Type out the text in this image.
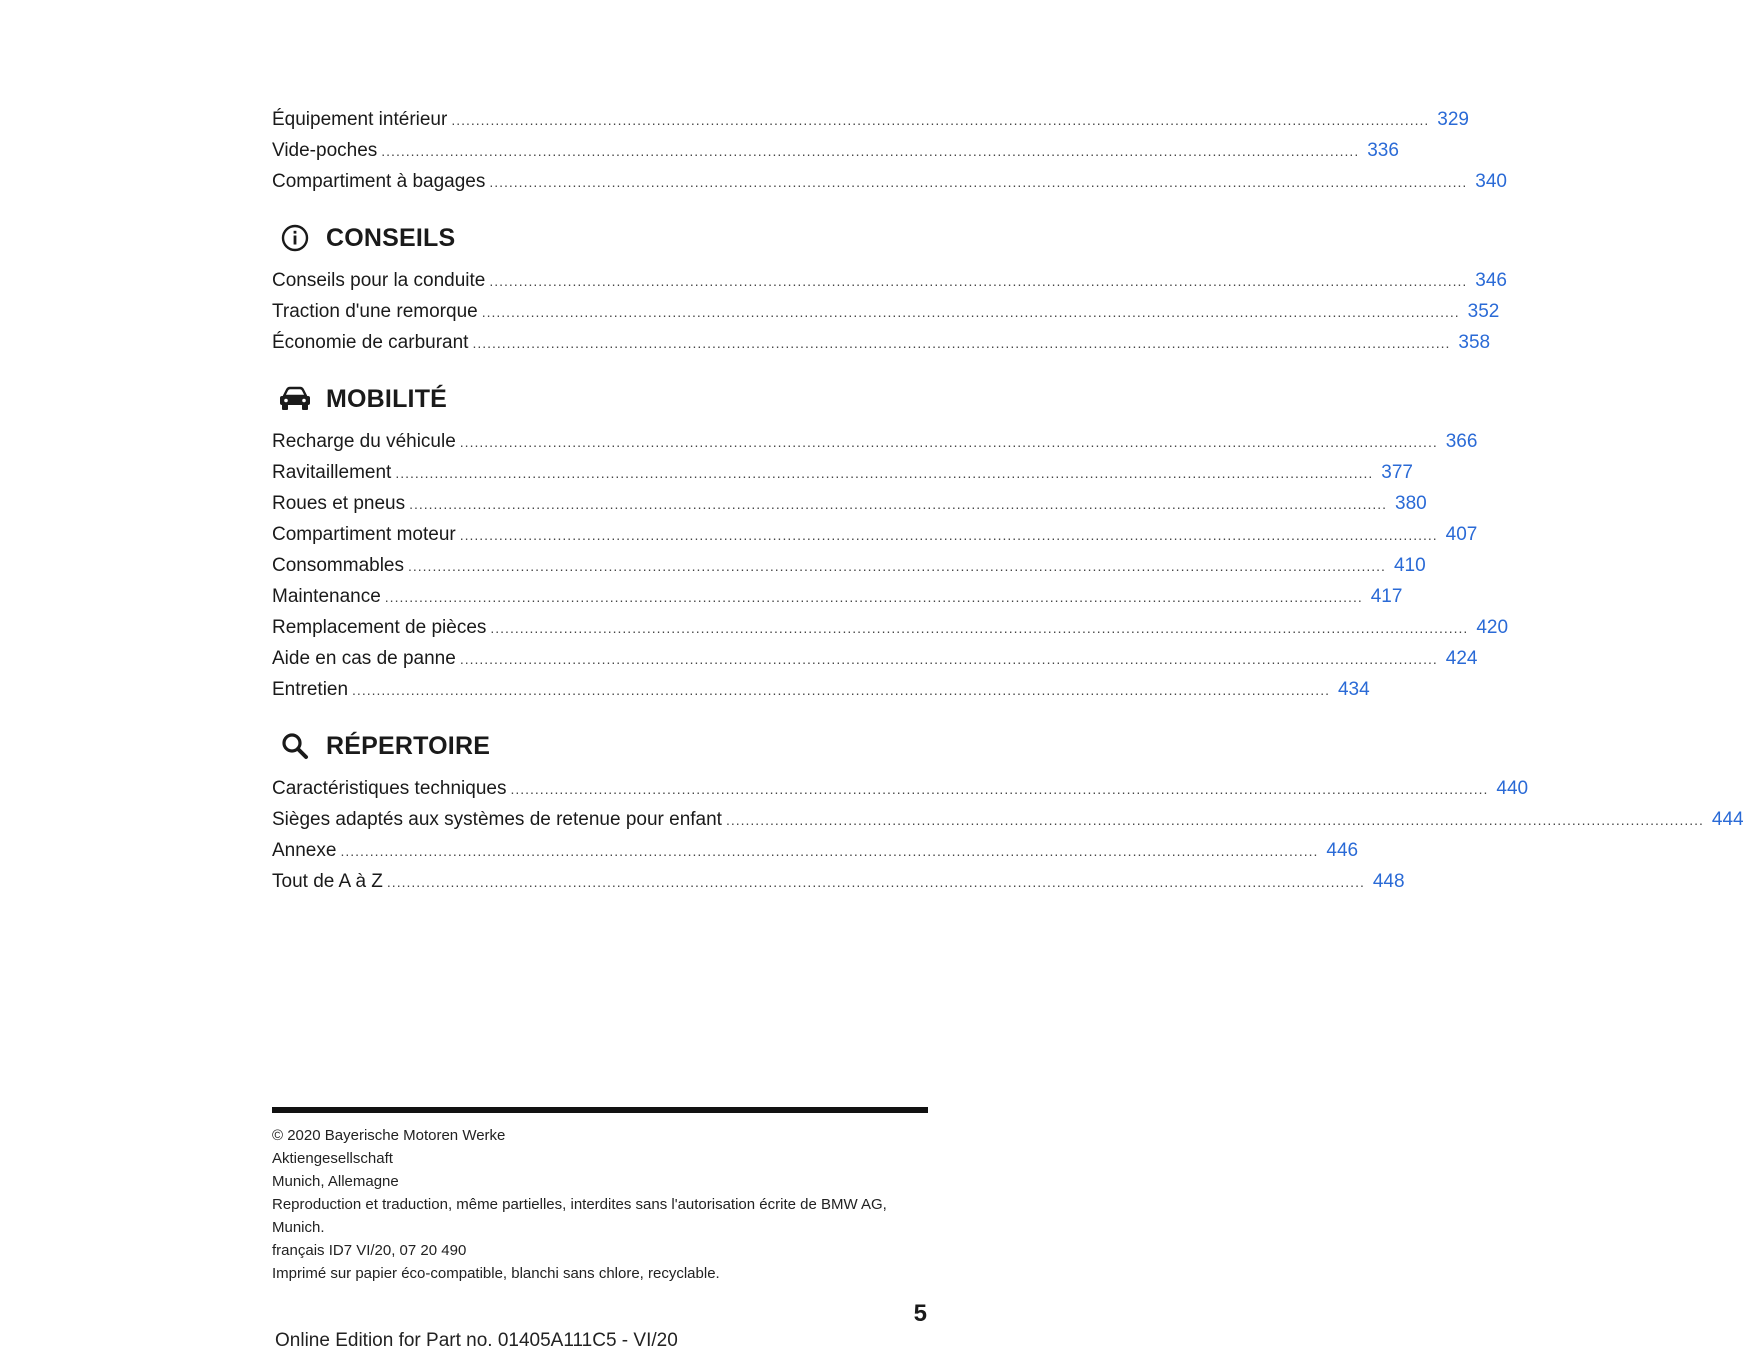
Équipement intérieur ........................................................................................................................................................................................................ 329
Vide-poches ........................................................................................................................................................................................................ 336
Compartiment à bagages ........................................................................................................................................................................................................ 340
CONSEILS
Conseils pour la conduite ........................................................................................................................................................................................................ 346
Traction d'une remorque ........................................................................................................................................................................................................ 352
Économie de carburant ........................................................................................................................................................................................................ 358
MOBILITÉ
Recharge du véhicule ........................................................................................................................................................................................................ 366
Ravitaillement ........................................................................................................................................................................................................ 377
Roues et pneus ........................................................................................................................................................................................................ 380
Compartiment moteur ........................................................................................................................................................................................................ 407
Consommables ........................................................................................................................................................................................................ 410
Maintenance ........................................................................................................................................................................................................ 417
Remplacement de pièces ........................................................................................................................................................................................................ 420
Aide en cas de panne ........................................................................................................................................................................................................ 424
Entretien ........................................................................................................................................................................................................ 434
RÉPERTOIRE
Caractéristiques techniques ........................................................................................................................................................................................................ 440
Sièges adaptés aux systèmes de retenue pour enfant ........................................................................................................................................................................................................ 444
Annexe ........................................................................................................................................................................................................ 446
Tout de A à Z ........................................................................................................................................................................................................ 448
© 2020 Bayerische Motoren Werke
Aktiengesellschaft
Munich, Allemagne
Reproduction et traduction, même partielles, interdites sans l'autorisation écrite de BMW AG,
Munich.
français ID7 VI/20, 07 20 490
Imprimé sur papier éco-compatible, blanchi sans chlore, recyclable.
5
Online Edition for Part no. 01405A111C5 - VI/20
